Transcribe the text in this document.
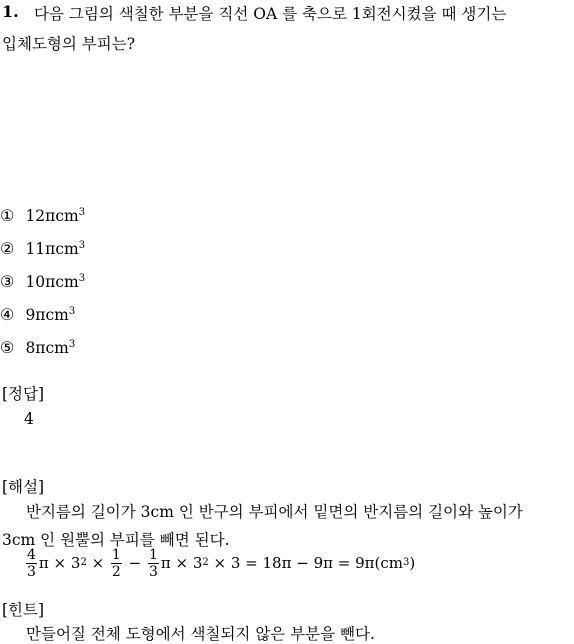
1. 다음 그림의 색칠한 부분을 직선 OA 를 축으로 1회전시켰을 때 생기는
입체도형의 부피는?
① 12πcm$^3$
② 11πcm$^3$
③ 10πcm$^3$
④ 9πcm$^3$
⑤ 8πcm$^3$
[정답]
4
[해설]
반지름의 길이가 3cm 인 반구의 부피에서 밑면의 반지름의 길이와 높이가
3cm 인 원뿔의 부피를 빼면 된다.
$\frac{4}{3}$ π × 3 $2 \times \frac{1}{2} - \frac{1}{3}$ π × 3 2 × 3 = 18π − 9π = 9π(cm 3 )
[힌트]
만들어질 전체 도형에서 색칠되지 않은 부분을 뺀다.
